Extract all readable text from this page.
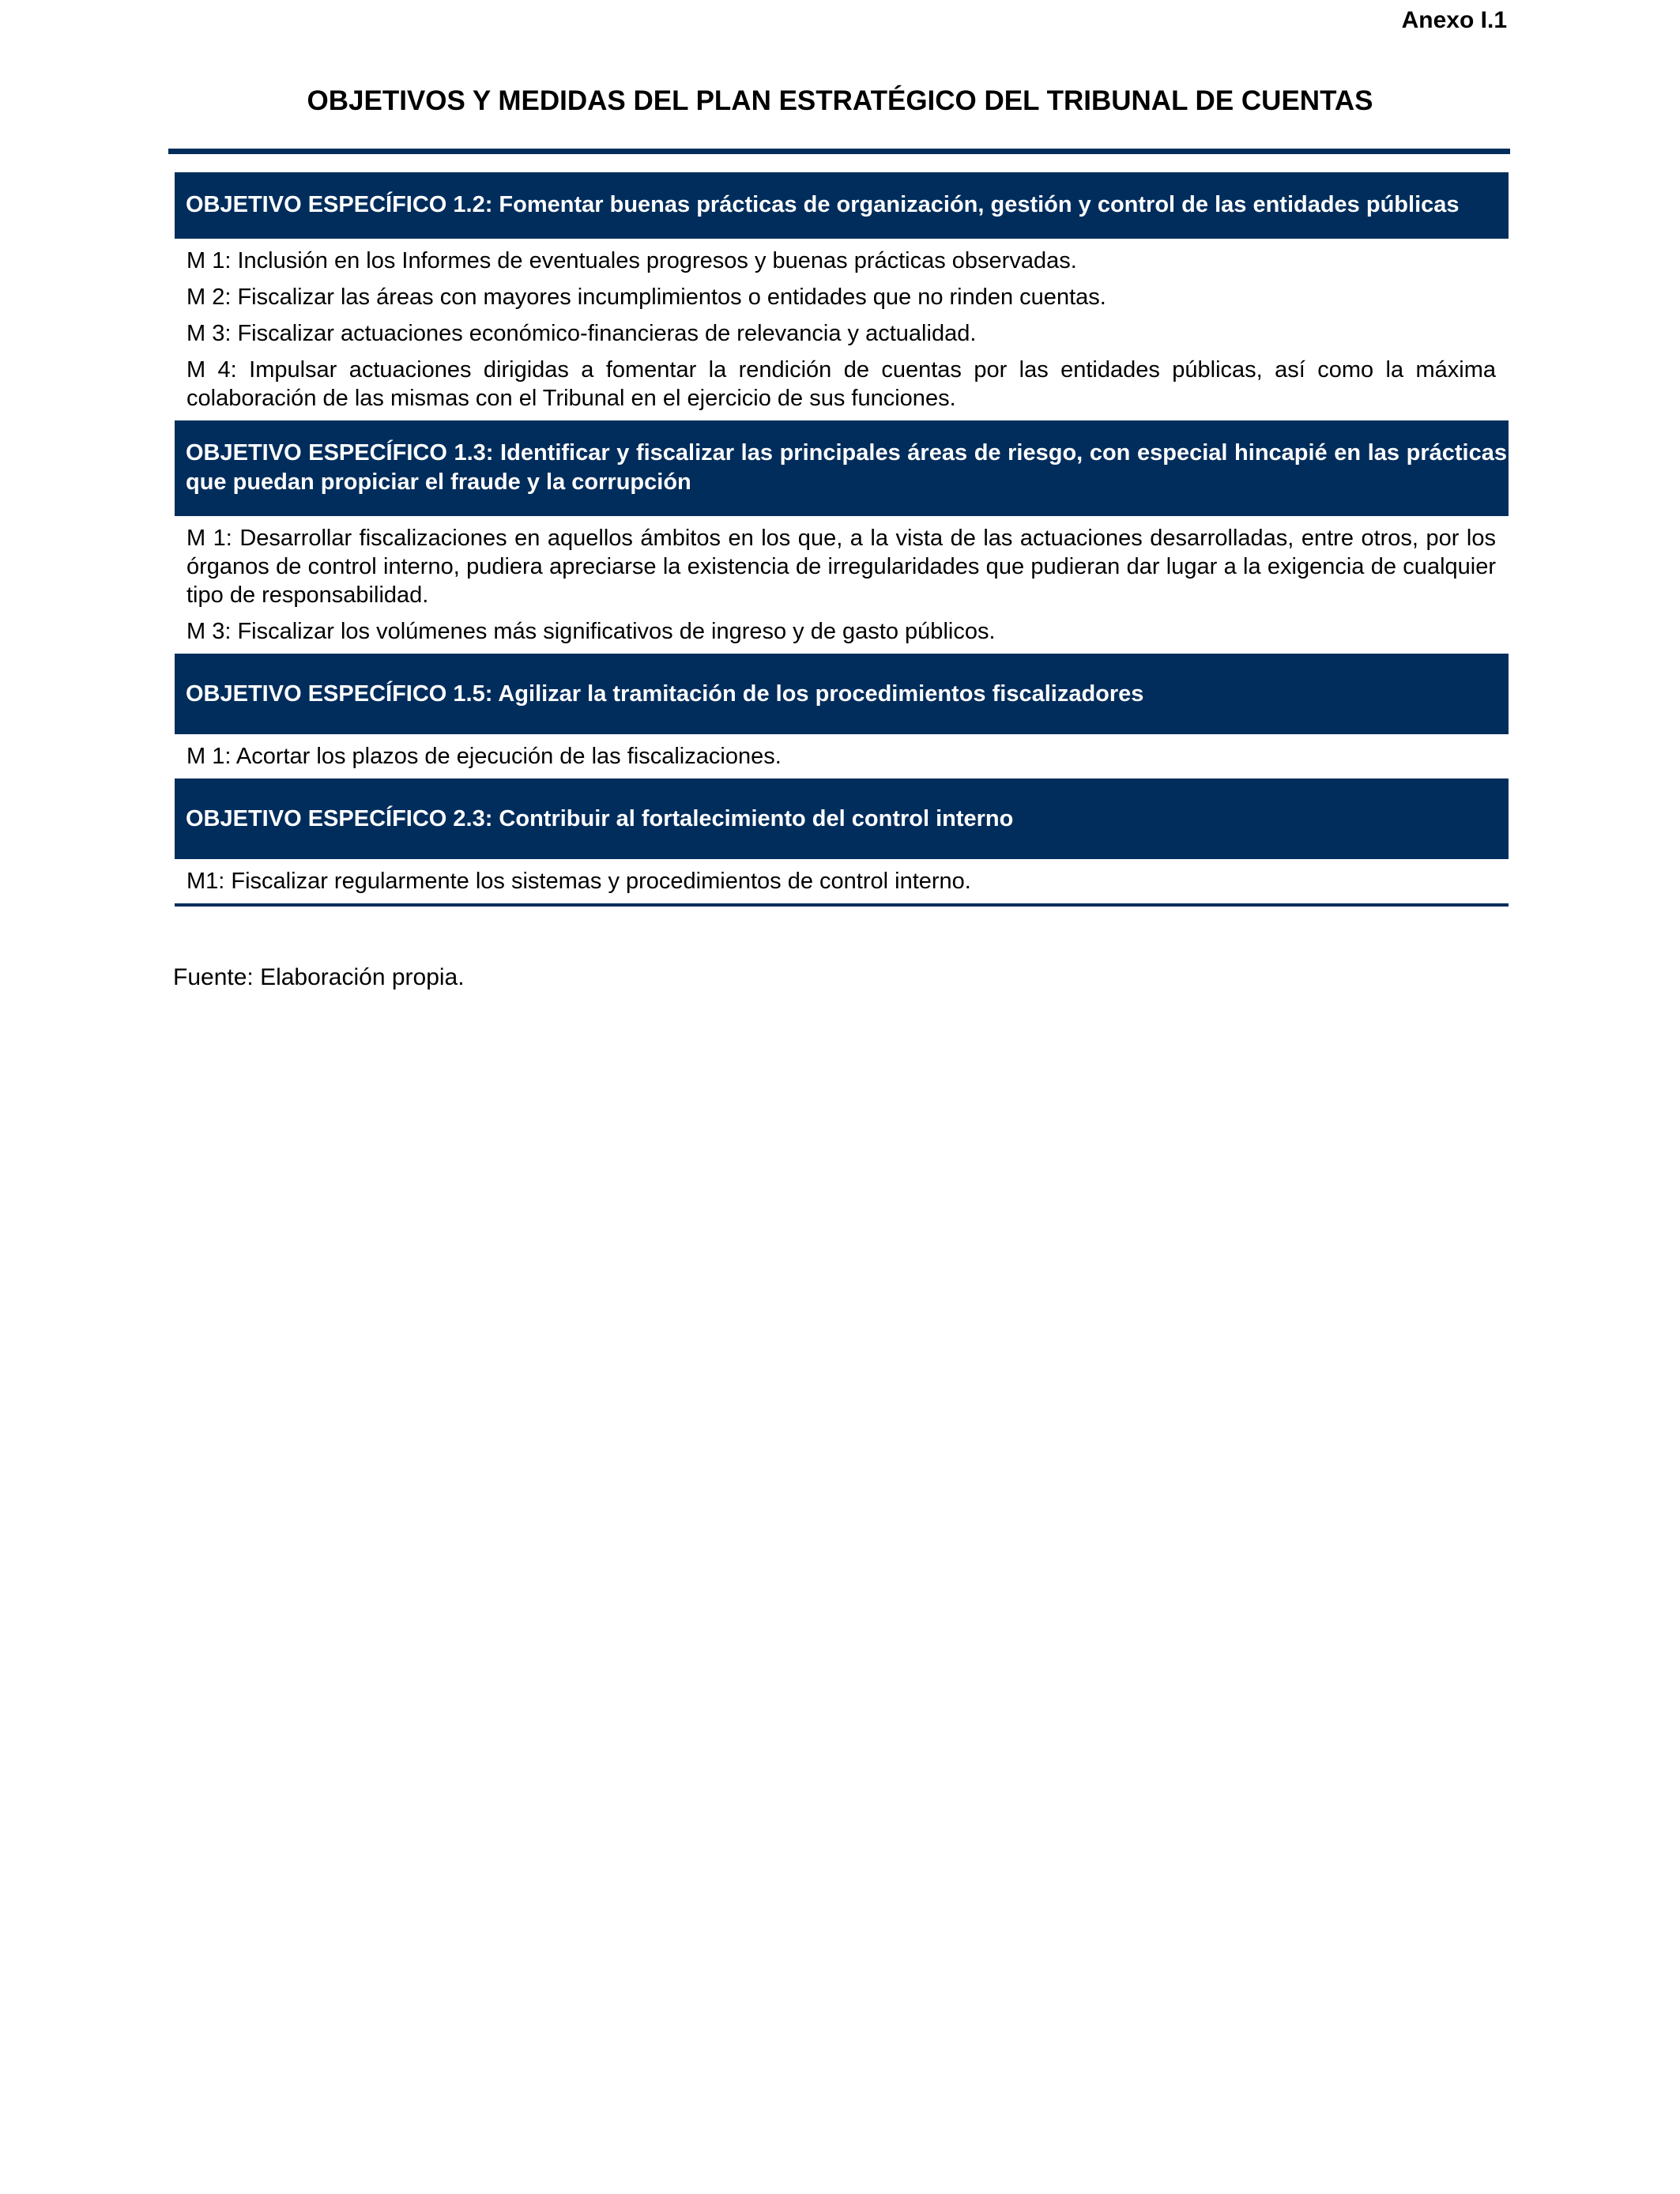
Anexo I.1
OBJETIVOS Y MEDIDAS DEL PLAN ESTRATÉGICO DEL TRIBUNAL DE CUENTAS
OBJETIVO ESPECÍFICO 1.2: Fomentar buenas prácticas de organización, gestión y control de las entidades públicas

M 1: Inclusión en los Informes de eventuales progresos y buenas prácticas observadas.

M 2: Fiscalizar las áreas con mayores incumplimientos o entidades que no rinden cuentas.

M 3: Fiscalizar actuaciones económico-financieras de relevancia y actualidad.

M 4: Impulsar actuaciones dirigidas a fomentar la rendición de cuentas por las entidades públicas, así como la máxima colaboración de las mismas con el Tribunal en el ejercicio de sus funciones.

OBJETIVO ESPECÍFICO 1.3: Identificar y fiscalizar las principales áreas de riesgo, con especial hincapié en las prácticas que puedan propiciar el fraude y la corrupción

M 1: Desarrollar fiscalizaciones en aquellos ámbitos en los que, a la vista de las actuaciones desarrolladas, entre otros, por los órganos de control interno, pudiera apreciarse la existencia de irregularidades que pudieran dar lugar a la exigencia de cualquier tipo de responsabilidad.

M 3: Fiscalizar los volúmenes más significativos de ingreso y de gasto públicos.

OBJETIVO ESPECÍFICO 1.5: Agilizar la tramitación de los procedimientos fiscalizadores

M 1: Acortar los plazos de ejecución de las fiscalizaciones.

OBJETIVO ESPECÍFICO 2.3: Contribuir al fortalecimiento del control interno

M1: Fiscalizar regularmente los sistemas y procedimientos de control interno.

Fuente: Elaboración propia.
